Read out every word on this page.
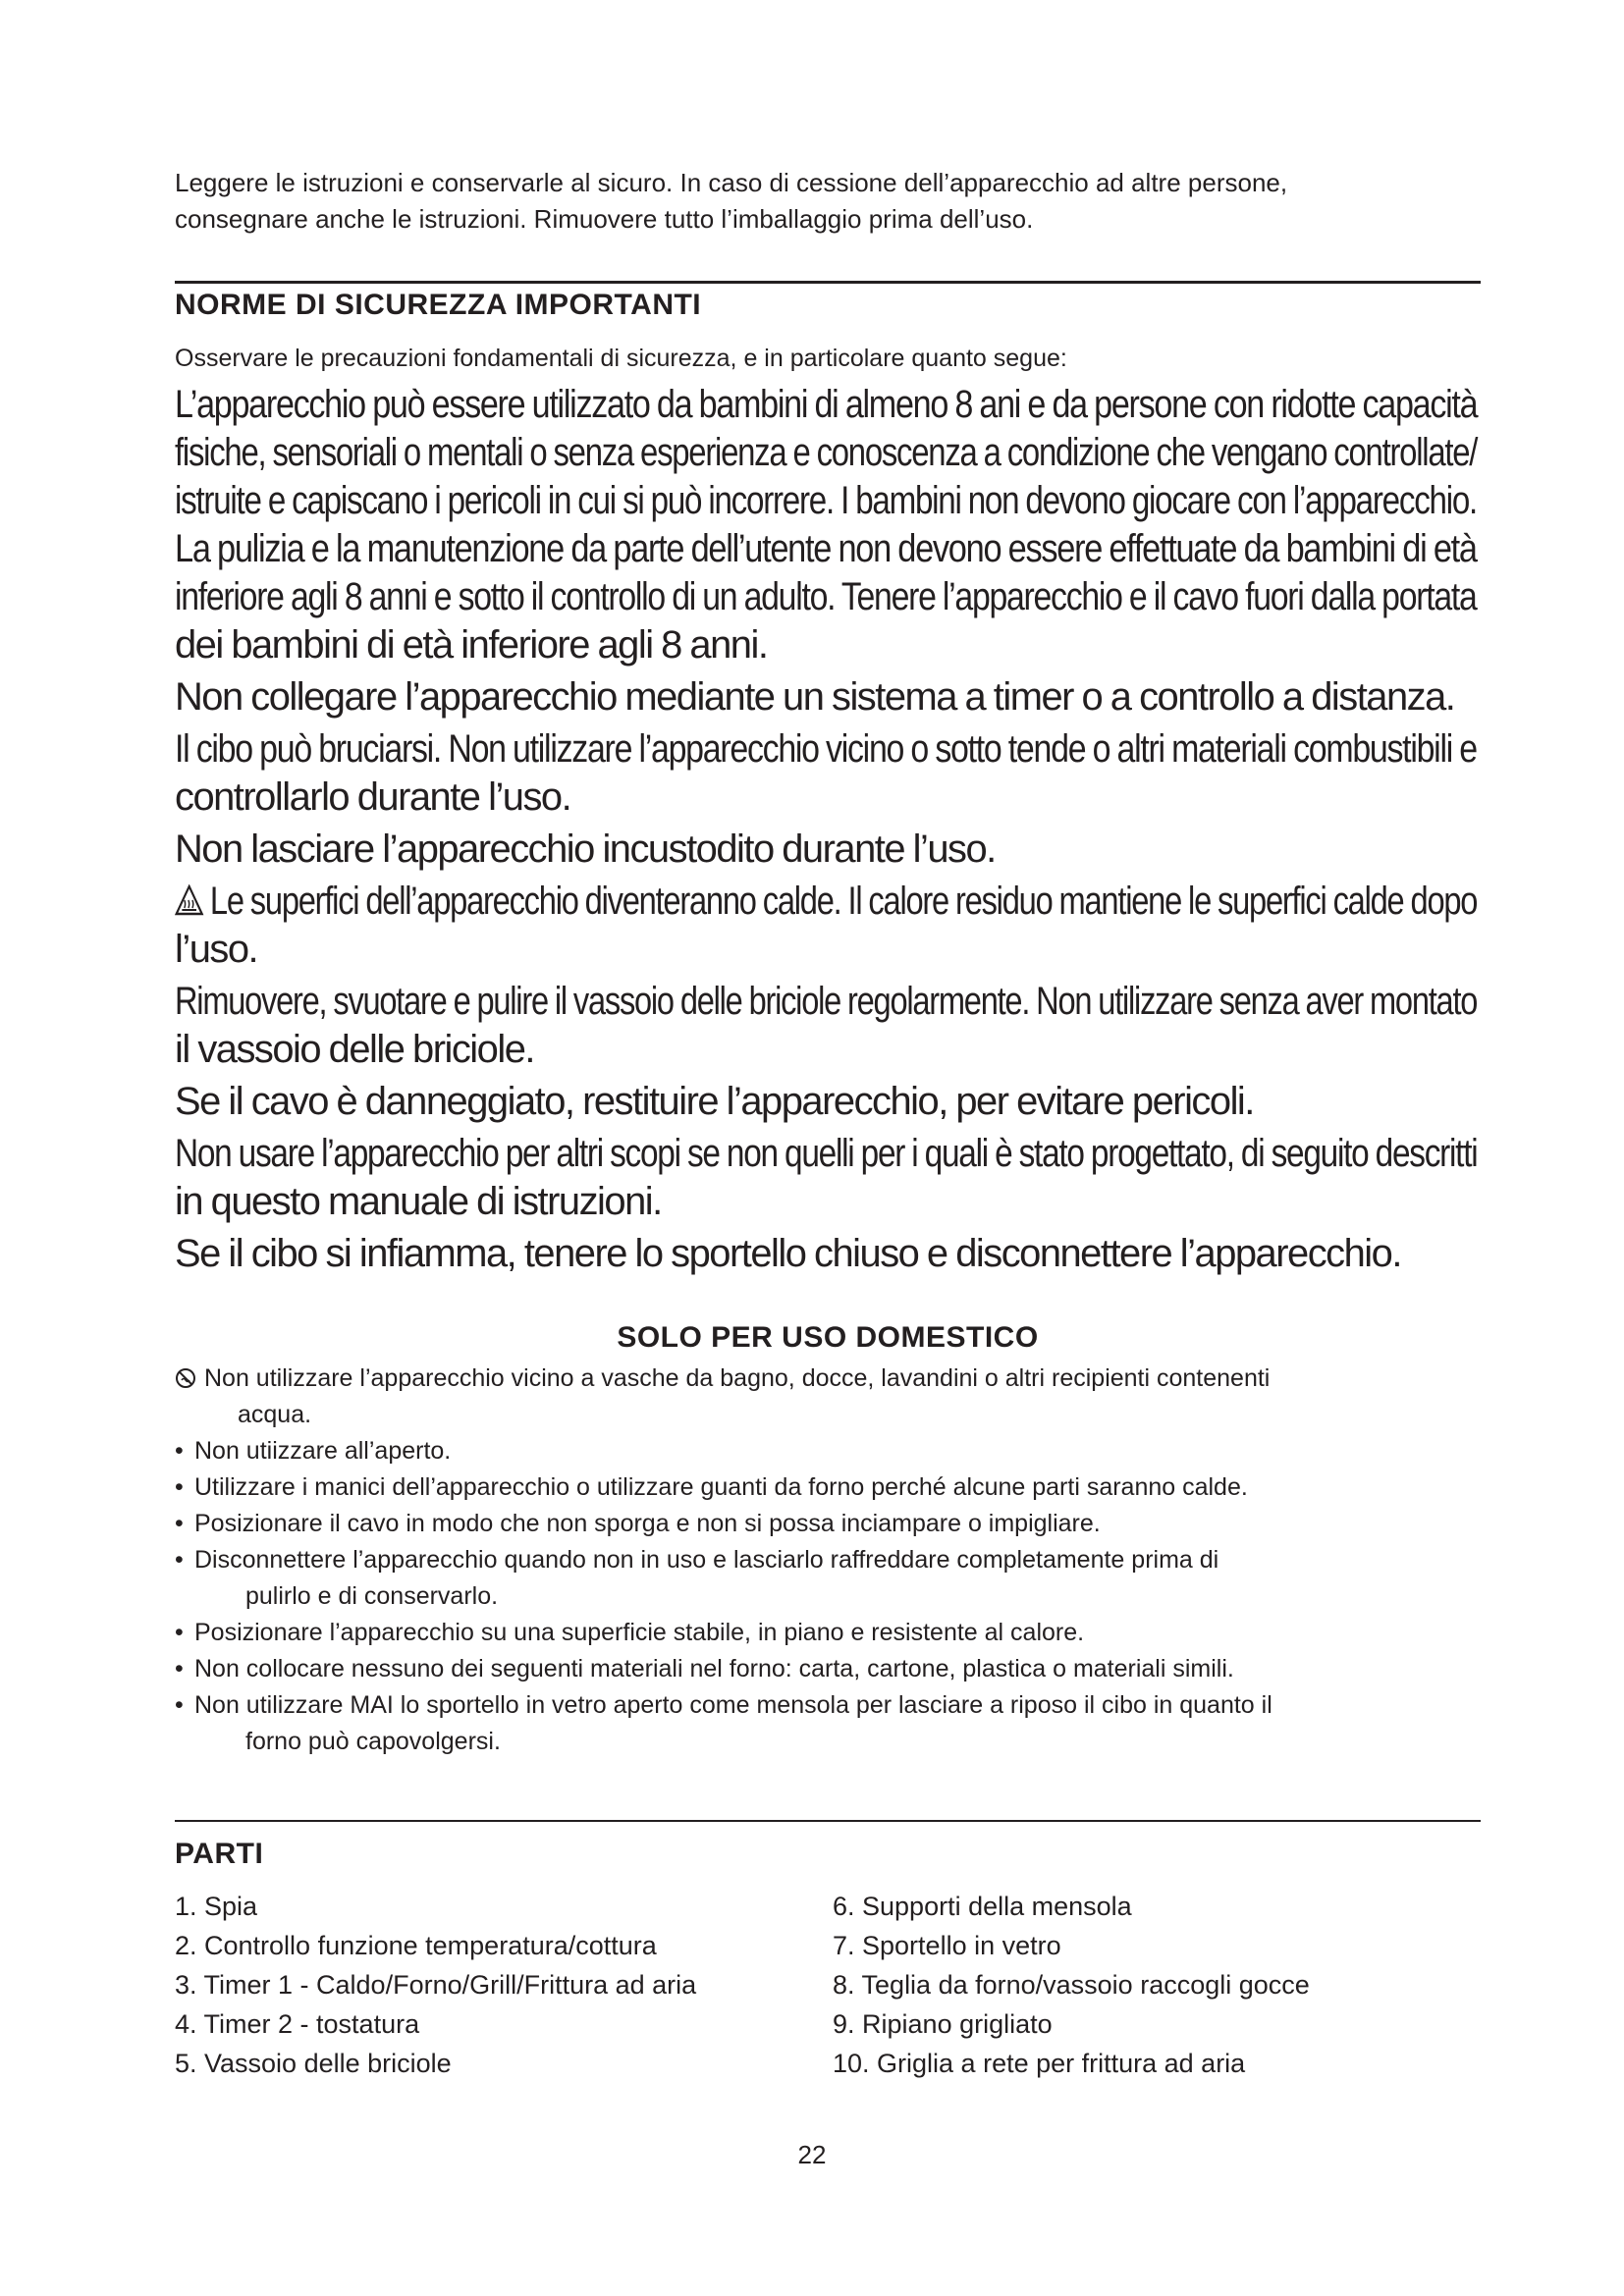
Leggere le istruzioni e conservarle al sicuro. In caso di cessione dell’apparecchio ad altre persone,
consegnare anche le istruzioni. Rimuovere tutto l’imballaggio prima dell’uso.
NORME DI SICUREZZA IMPORTANTI
Osservare le precauzioni fondamentali di sicurezza, e in particolare quanto segue:
L’apparecchio può essere utilizzato da bambini di almeno 8 ani e da persone con ridotte capacità
fisiche, sensoriali o mentali o senza esperienza e conoscenza a condizione che vengano controllate/
istruite e capiscano i pericoli in cui si può incorrere. I bambini non devono giocare con l’apparecchio.
La pulizia e la manutenzione da parte dell’utente non devono essere effettuate da bambini di età
inferiore agli 8 anni e sotto il controllo di un adulto. Tenere l’apparecchio e il cavo fuori dalla portata
dei bambini di età inferiore agli 8 anni.
Non collegare l’apparecchio mediante un sistema a timer o a controllo a distanza.
Il cibo può bruciarsi. Non utilizzare l’apparecchio vicino o sotto tende o altri materiali combustibili e
controllarlo durante l’uso.
Non lasciare l’apparecchio incustodito durante l’uso.
Le superfici dell’apparecchio diventeranno calde. Il calore residuo mantiene le superfici calde dopo
l’uso.
Rimuovere, svuotare e pulire il vassoio delle briciole regolarmente. Non utilizzare senza aver montato
il vassoio delle briciole.
Se il cavo è danneggiato, restituire l’apparecchio, per evitare pericoli.
Non usare l’apparecchio per altri scopi se non quelli per i quali è stato progettato, di seguito descritti
in questo manuale di istruzioni.
Se il cibo si infiamma, tenere lo sportello chiuso e disconnettere l’apparecchio.
SOLO PER USO DOMESTICO
Non utilizzare l’apparecchio vicino a vasche da bagno, docce, lavandini o altri recipienti contenenti
acqua.
• Non utiizzare all’aperto.
• Utilizzare i manici dell’apparecchio o utilizzare guanti da forno perché alcune parti saranno calde.
• Posizionare il cavo in modo che non sporga e non si possa inciampare o impigliare.
• Disconnettere l’apparecchio quando non in uso e lasciarlo raffreddare completamente prima di
pulirlo e di conservarlo.
• Posizionare l’apparecchio su una superficie stabile, in piano e resistente al calore.
• Non collocare nessuno dei seguenti materiali nel forno: carta, cartone, plastica o materiali simili.
• Non utilizzare MAI lo sportello in vetro aperto come mensola per lasciare a riposo il cibo in quanto il
forno può capovolgersi.
PARTI
1. Spia
2. Controllo funzione temperatura/cottura
3. Timer 1 - Caldo/Forno/Grill/Frittura ad aria
4. Timer 2 - tostatura
5. Vassoio delle briciole
6. Supporti della mensola
7. Sportello in vetro
8. Teglia da forno/vassoio raccogli gocce
9. Ripiano grigliato
10. Griglia a rete per frittura ad aria
22
